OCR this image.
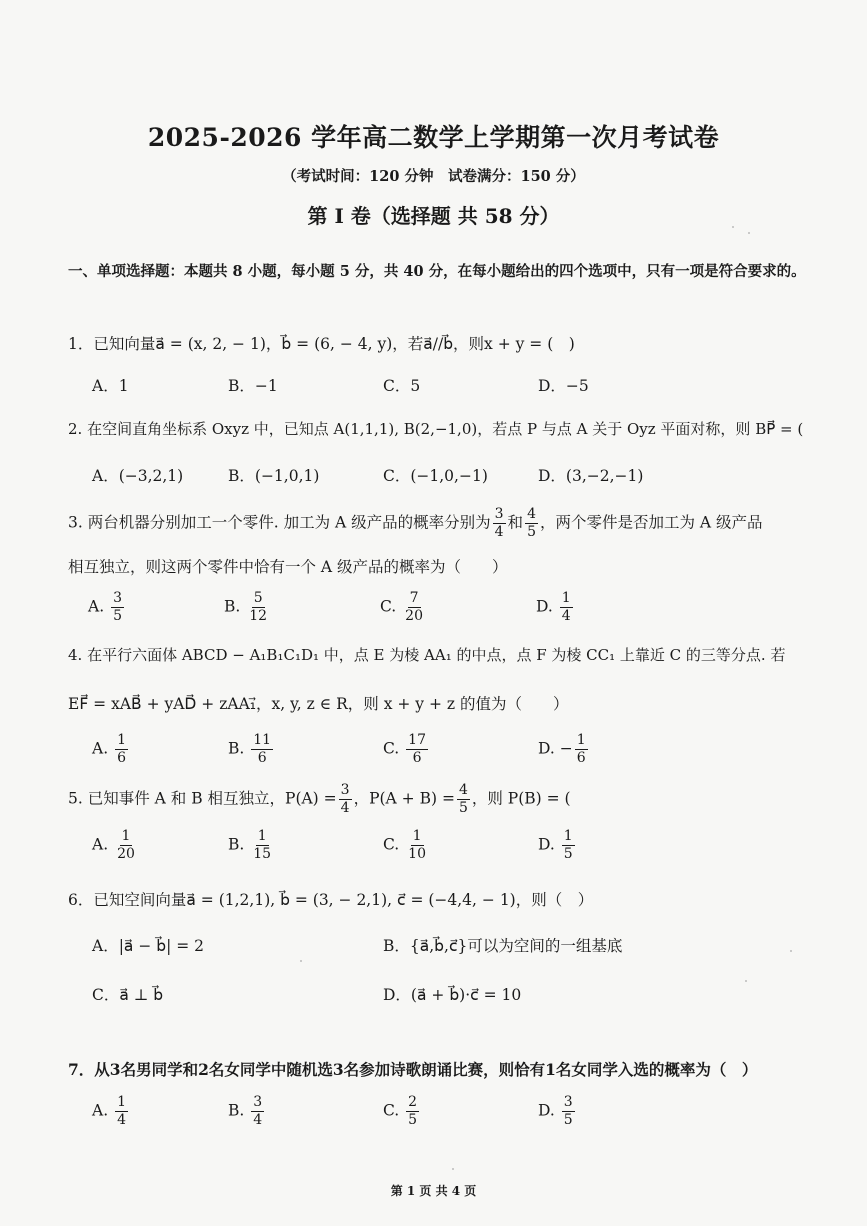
2025-2026 学年高二数学上学期第一次月考试卷
（考试时间：120 分钟　试卷满分：150 分）
第 I 卷（选择题 共 58 分）
一、单项选择题：本题共 8 小题，每小题 5 分，共 40 分，在每小题给出的四个选项中，只有一项是符合要求的。
1．已知向量a⃗ = (x, 2, − 1)，b⃗ = (6, − 4, y)，若a⃗//b⃗，则x + y = (　)
A．1	B．−1	C．5	D．−5
2. 在空间直角坐标系 Oxyz 中，已知点 A(1,1,1), B(2,−1,0)，若点 P 与点 A 关于 Oyz 平面对称，则 BP⃗ = (
A．(−3,2,1)	B．(−1,0,1)	C．(−1,0,−1)	D．(3,−2,−1)
3. 两台机器分别加工一个零件. 加工为 A 级产品的概率分别为 $\frac{3}{4}$ 和 $\frac{4}{5}$ ，两个零件是否加工为 A 级产品
相互独立，则这两个零件中恰有一个 A 级产品的概率为（　　）
A. $\frac{3}{5}$	B. $\frac{5}{12}$	C. $\frac{7}{20}$	D. $\frac{1}{4}$
4. 在平行六面体 ABCD − A₁B₁C₁D₁ 中，点 E 为棱 AA₁ 的中点，点 F 为棱 CC₁ 上靠近 C 的三等分点. 若
EF⃗ = xAB⃗ + yAD⃗ + zAA₁⃗，x, y, z ∈ R，则 x + y + z 的值为（　　）
A. $\frac{1}{6}$	B. $\frac{11}{6}$	C. $\frac{17}{6}$	D. − $\frac{1}{6}$
5. 已知事件 A 和 B 相互独立，$P(A) = \frac{3}{4}$ ，$P(A + B) = \frac{4}{5}$ ，则 P(B) = (
A. $\frac{1}{20}$	B. $\frac{1}{15}$	C. $\frac{1}{10}$	D. $\frac{1}{5}$
6．已知空间向量a⃗ = (1,2,1), b⃗ = (3, − 2,1), c⃗ = (−4,4, − 1)，则（　）
A．|a⃗ − b⃗| = 2	B．{a⃗,b⃗,c⃗}可以为空间的一组基底
C．a⃗ ⊥ b⃗	D．(a⃗ + b⃗)·c⃗ = 10
7．从3名男同学和2名女同学中随机选3名参加诗歌朗诵比赛，则恰有1名女同学入选的概率为（　）
A. $\frac{1}{4}$	B. $\frac{3}{4}$	C. $\frac{2}{5}$	D. $\frac{3}{5}$
第 1 页 共 4 页
